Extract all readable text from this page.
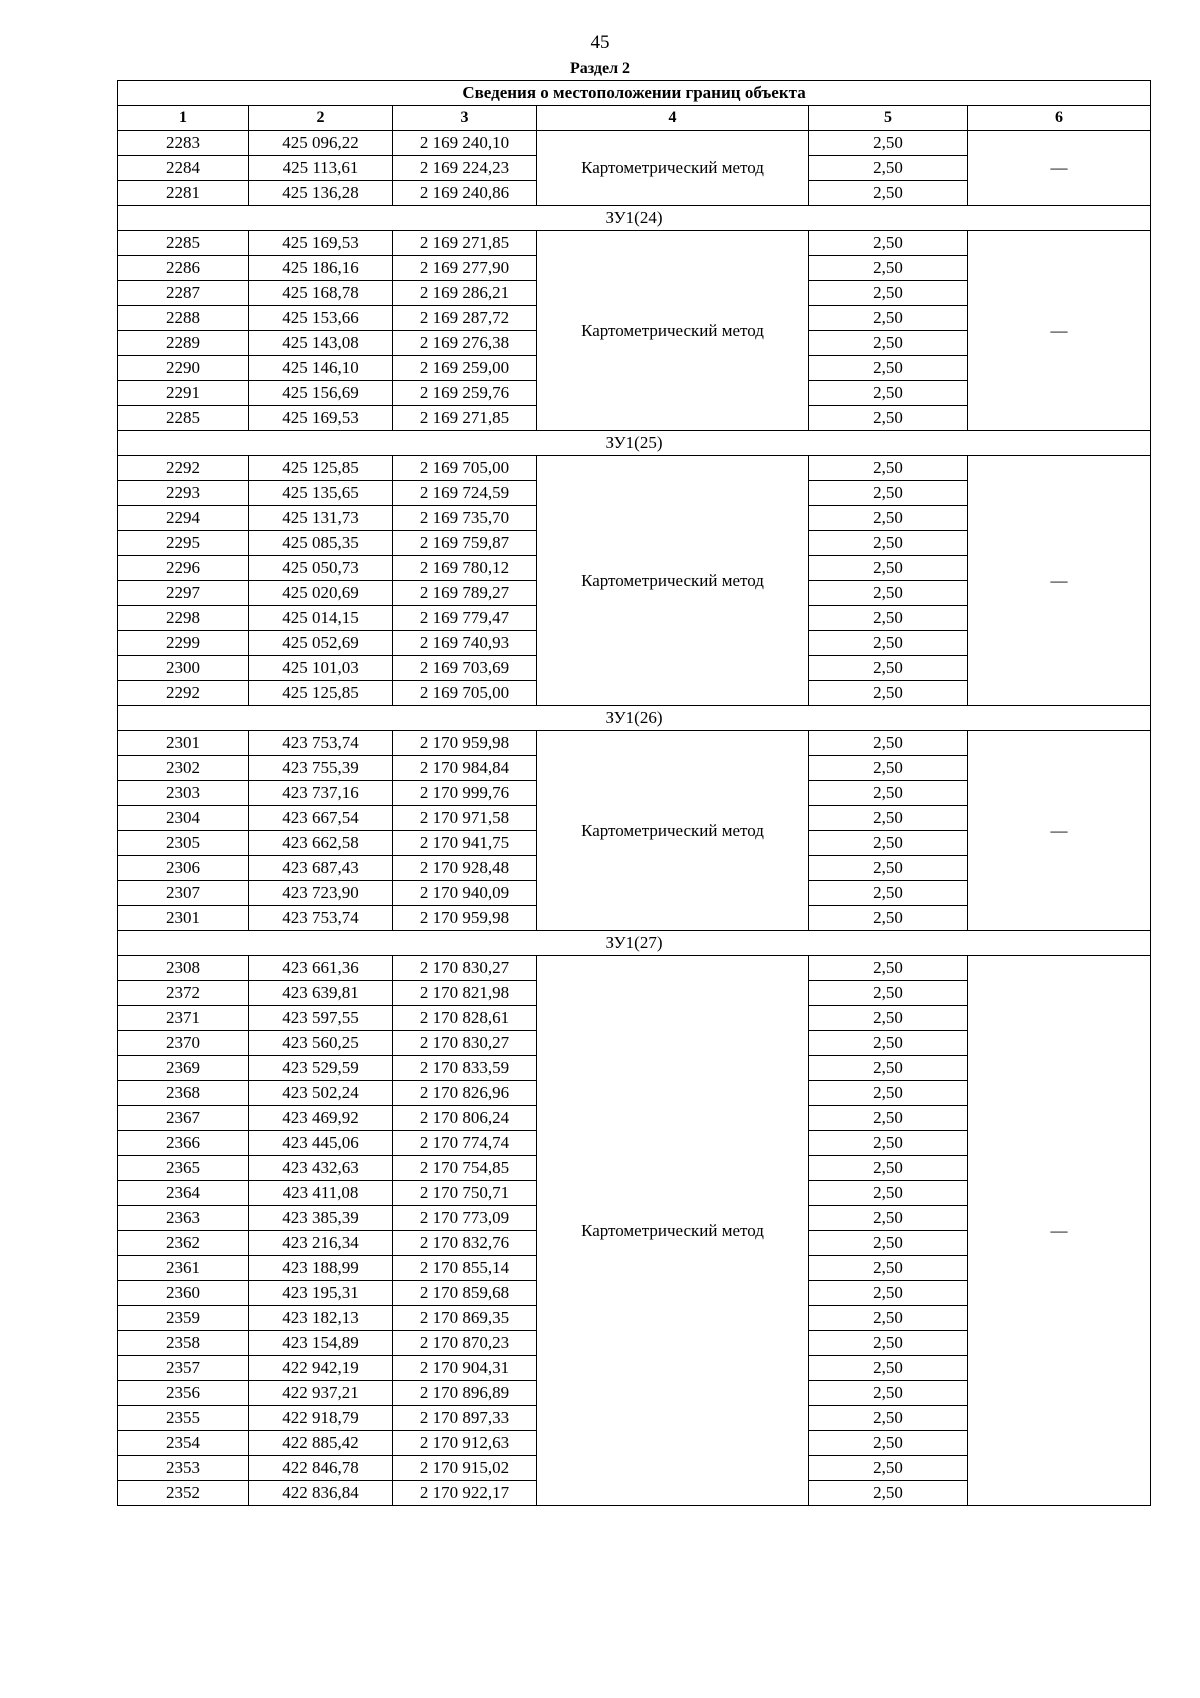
45
Раздел 2
Сведения о местоположении границ объекта					
1	2	3	4	5	6
2283	425 096,22	2 169 240,10	Картометрический метод	2,50	—
2284	425 113,61	2 169 224,23		2,50	
2281	425 136,28	2 169 240,86		2,50	
ЗУ1(24)					
2285	425 169,53	2 169 271,85	Картометрический метод	2,50	—
2286	425 186,16	2 169 277,90		2,50	
2287	425 168,78	2 169 286,21		2,50	
2288	425 153,66	2 169 287,72		2,50	
2289	425 143,08	2 169 276,38		2,50	
2290	425 146,10	2 169 259,00		2,50	
2291	425 156,69	2 169 259,76		2,50	
2285	425 169,53	2 169 271,85		2,50	
ЗУ1(25)					
2292	425 125,85	2 169 705,00	Картометрический метод	2,50	—
2293	425 135,65	2 169 724,59		2,50	
2294	425 131,73	2 169 735,70		2,50	
2295	425 085,35	2 169 759,87		2,50	
2296	425 050,73	2 169 780,12		2,50	
2297	425 020,69	2 169 789,27		2,50	
2298	425 014,15	2 169 779,47		2,50	
2299	425 052,69	2 169 740,93		2,50	
2300	425 101,03	2 169 703,69		2,50	
2292	425 125,85	2 169 705,00		2,50	
ЗУ1(26)					
2301	423 753,74	2 170 959,98	Картометрический метод	2,50	—
2302	423 755,39	2 170 984,84		2,50	
2303	423 737,16	2 170 999,76		2,50	
2304	423 667,54	2 170 971,58		2,50	
2305	423 662,58	2 170 941,75		2,50	
2306	423 687,43	2 170 928,48		2,50	
2307	423 723,90	2 170 940,09		2,50	
2301	423 753,74	2 170 959,98		2,50	
ЗУ1(27)					
2308	423 661,36	2 170 830,27	Картометрический метод	2,50	—
2372	423 639,81	2 170 821,98		2,50	
2371	423 597,55	2 170 828,61		2,50	
2370	423 560,25	2 170 830,27		2,50	
2369	423 529,59	2 170 833,59		2,50	
2368	423 502,24	2 170 826,96		2,50	
2367	423 469,92	2 170 806,24		2,50	
2366	423 445,06	2 170 774,74		2,50	
2365	423 432,63	2 170 754,85		2,50	
2364	423 411,08	2 170 750,71		2,50	
2363	423 385,39	2 170 773,09		2,50	
2362	423 216,34	2 170 832,76		2,50	
2361	423 188,99	2 170 855,14		2,50	
2360	423 195,31	2 170 859,68		2,50	
2359	423 182,13	2 170 869,35		2,50	
2358	423 154,89	2 170 870,23		2,50	
2357	422 942,19	2 170 904,31		2,50	
2356	422 937,21	2 170 896,89		2,50	
2355	422 918,79	2 170 897,33		2,50	
2354	422 885,42	2 170 912,63		2,50	
2353	422 846,78	2 170 915,02		2,50	
2352	422 836,84	2 170 922,17		2,50	
